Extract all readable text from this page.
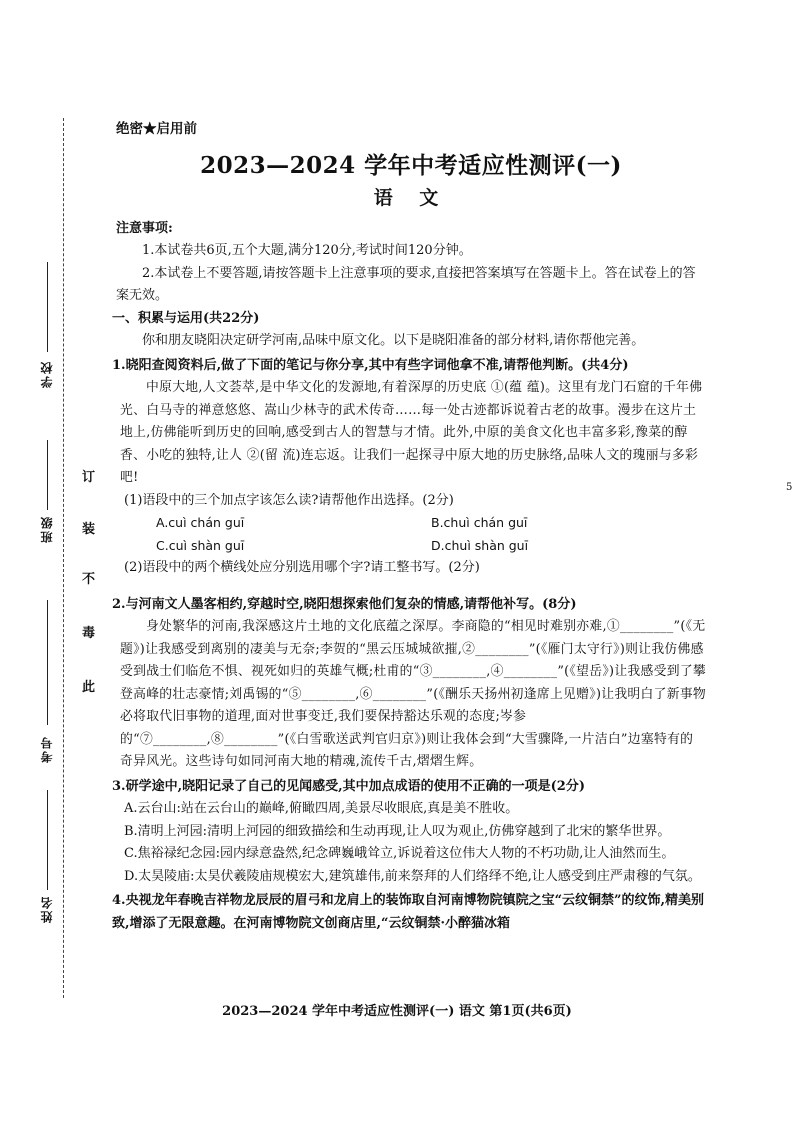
学校
班级
考号
姓名
订
装
不
毒
此
5
绝密★启用前
2023—2024 学年中考适应性测评(一)
语 文
注意事项:
1.本试卷共6页,五个大题,满分120分,考试时间120分钟。
2.本试卷上不要答题,请按答题卡上注意事项的要求,直接把答案填写在答题卡上。答在试卷上的答案无效。
一、积累与运用(共22分)
你和朋友晓阳决定研学河南,品味中原文化。以下是晓阳准备的部分材料,请你帮他完善。
1.晓阳查阅资料后,做了下面的笔记与你分享,其中有些字词他拿不准,请帮他判断。(共4分)
中原大地,人文荟萃,是中华文化的发源地,有着深厚的历史底 ①(蕴 蕴)。这里有龙门石窟的千年佛光、白马寺的禅意悠悠、嵩山少林寺的武术传奇……每一处古迹都诉说着古老的故事。漫步在这片土地上,仿佛能听到历史的回响,感受到古人的智慧与才情。此外,中原的美食文化也丰富多彩,豫菜的醇香、小吃的独特,让人 ②(留 流)连忘返。让我们一起探寻中原大地的历史脉络,品味人文的瑰丽与多彩吧!
(1)语段中的三个加点字该怎么读?请帮他作出选择。(2分)
A.cuì chán guī	B.chuì chán guī
C.cuì shàn guī	D.chuì shàn guī
(2)语段中的两个横线处应分别选用哪个字?请工整书写。(2分)
2.与河南文人墨客相约,穿越时空,晓阳想探索他们复杂的情感,请帮他补写。(8分)
身处繁华的河南,我深感这片土地的文化底蕴之深厚。李商隐的“相见时难别亦难,①________”(《无题》)让我感受到离别的凄美与无奈;李贺的“黑云压城城欲摧,②________”(《雁门太守行》)则让我仿佛感受到战士们临危不惧、视死如归的英雄气概;杜甫的“③________,④________”(《望岳》)让我感受到了攀登高峰的壮志豪情;刘禹锡的“⑤________,⑥________”(《酬乐天扬州初逢席上见赠》)让我明白了新事物必将取代旧事物的道理,面对世事变迁,我们要保持豁达乐观的态度;岑参的“⑦________,⑧________”(《白雪歌送武判官归京》)则让我体会到“大雪骤降,一片洁白”边塞特有的奇异风光。这些诗句如同河南大地的精魂,流传千古,熠熠生辉。
3.研学途中,晓阳记录了自己的见闻感受,其中加点成语的使用不正确的一项是(2分)
A.云台山:站在云台山的巅峰,俯瞰四周,美景尽收眼底,真是美不胜收。
B.清明上河园:清明上河园的细致描绘和生动再现,让人叹为观止,仿佛穿越到了北宋的繁华世界。
C.焦裕禄纪念园:园内绿意盎然,纪念碑巍峨耸立,诉说着这位伟大人物的不朽功勋,让人油然而生。
D.太昊陵庙:太昊伏羲陵庙规模宏大,建筑雄伟,前来祭拜的人们络绎不绝,让人感受到庄严肃穆的气氛。
4.央视龙年春晚吉祥物龙辰辰的眉弓和龙肩上的装饰取自河南博物院镇院之宝“云纹铜禁”的纹饰,精美别致,增添了无限意趣。在河南博物院文创商店里,“云纹铜禁·小醉猫冰箱
2023—2024 学年中考适应性测评(一) 语文 第1页(共6页)
